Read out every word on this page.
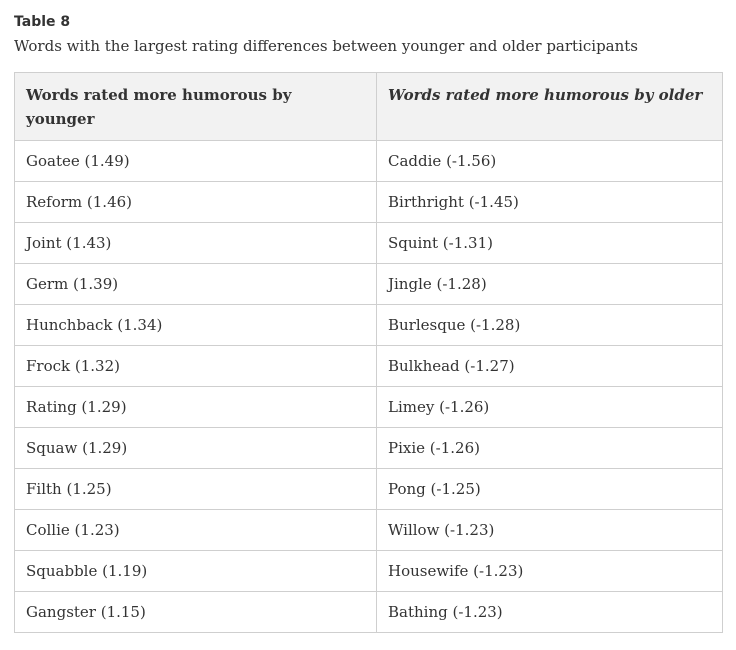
Table 8
Words with the largest rating differences between younger and older participants
Words rated more humorous by younger	Words rated more humorous by older
Goatee (1.49)	Caddie (-1.56)
Reform (1.46)	Birthright (-1.45)
Joint (1.43)	Squint (-1.31)
Germ (1.39)	Jingle (-1.28)
Hunchback (1.34)	Burlesque (-1.28)
Frock (1.32)	Bulkhead (-1.27)
Rating (1.29)	Limey (-1.26)
Squaw (1.29)	Pixie (-1.26)
Filth (1.25)	Pong (-1.25)
Collie (1.23)	Willow (-1.23)
Squabble (1.19)	Housewife (-1.23)
Gangster (1.15)	Bathing (-1.23)
